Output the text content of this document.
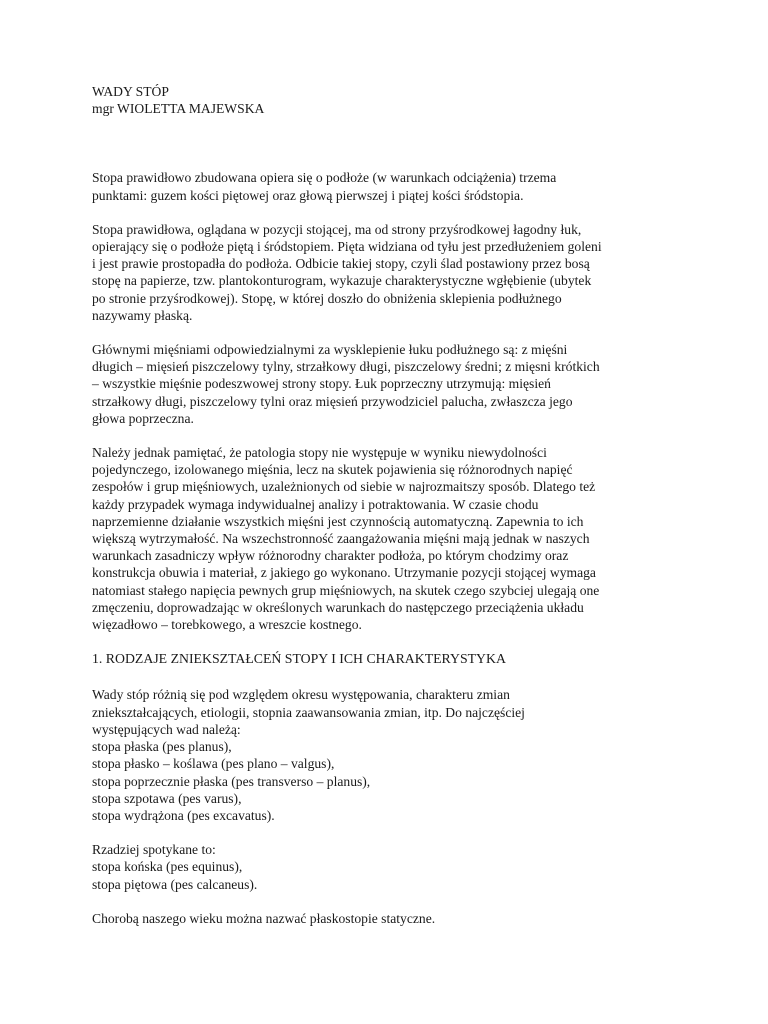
WADY STÓP

mgr WIOLETTA MAJEWSKA

Stopa prawidłowo zbudowana opiera się o podłoże (w warunkach odciążenia) trzema
punktami: guzem kości piętowej oraz głową pierwszej i piątej kości śródstopia.

Stopa prawidłowa, oglądana w pozycji stojącej, ma od strony przyśrodkowej łagodny łuk,
opierający się o podłoże piętą i śródstopiem. Pięta widziana od tyłu jest przedłużeniem goleni
i jest prawie prostopadła do podłoża. Odbicie takiej stopy, czyli ślad postawiony przez bosą
stopę na papierze, tzw. plantokonturogram, wykazuje charakterystyczne wgłębienie (ubytek
po stronie przyśrodkowej). Stopę, w której doszło do obniżenia sklepienia podłużnego
nazywamy płaską.

Głównymi mięśniami odpowiedzialnymi za wysklepienie łuku podłużnego są: z mięśni
długich – mięsień piszczelowy tylny, strzałkowy długi, piszczelowy średni; z mięsni krótkich
– wszystkie mięśnie podeszwowej strony stopy. Łuk poprzeczny utrzymują: mięsień
strzałkowy długi, piszczelowy tylni oraz mięsień przywodziciel palucha, zwłaszcza jego
głowa poprzeczna.

Należy jednak pamiętać, że patologia stopy nie występuje w wyniku niewydolności
pojedynczego, izolowanego mięśnia, lecz na skutek pojawienia się różnorodnych napięć
zespołów i grup mięśniowych, uzależnionych od siebie w najrozmaitszy sposób. Dlatego też
każdy przypadek wymaga indywidualnej analizy i potraktowania. W czasie chodu
naprzemienne działanie wszystkich mięśni jest czynnością automatyczną. Zapewnia to ich
większą wytrzymałość. Na wszechstronność zaangażowania mięśni mają jednak w naszych
warunkach zasadniczy wpływ różnorodny charakter podłoża, po którym chodzimy oraz
konstrukcja obuwia i materiał, z jakiego go wykonano. Utrzymanie pozycji stojącej wymaga
natomiast stałego napięcia pewnych grup mięśniowych, na skutek czego szybciej ulegają one
zmęczeniu, doprowadzając w określonych warunkach do następczego przeciążenia układu
więzadłowo – torebkowego, a wreszcie kostnego.

1. RODZAJE ZNIEKSZTAŁCEŃ STOPY I ICH CHARAKTERYSTYKA

Wady stóp różnią się pod względem okresu występowania, charakteru zmian
zniekształcających, etiologii, stopnia zaawansowania zmian, itp. Do najczęściej
występujących wad należą:
stopa płaska (pes planus),
stopa płasko – koślawa (pes plano – valgus),
stopa poprzecznie płaska (pes transverso – planus),
stopa szpotawa (pes varus),
stopa wydrążona (pes excavatus).

Rzadziej spotykane to:
stopa końska (pes equinus),
stopa piętowa (pes calcaneus).

Chorobą naszego wieku można nazwać płaskostopie statyczne.
